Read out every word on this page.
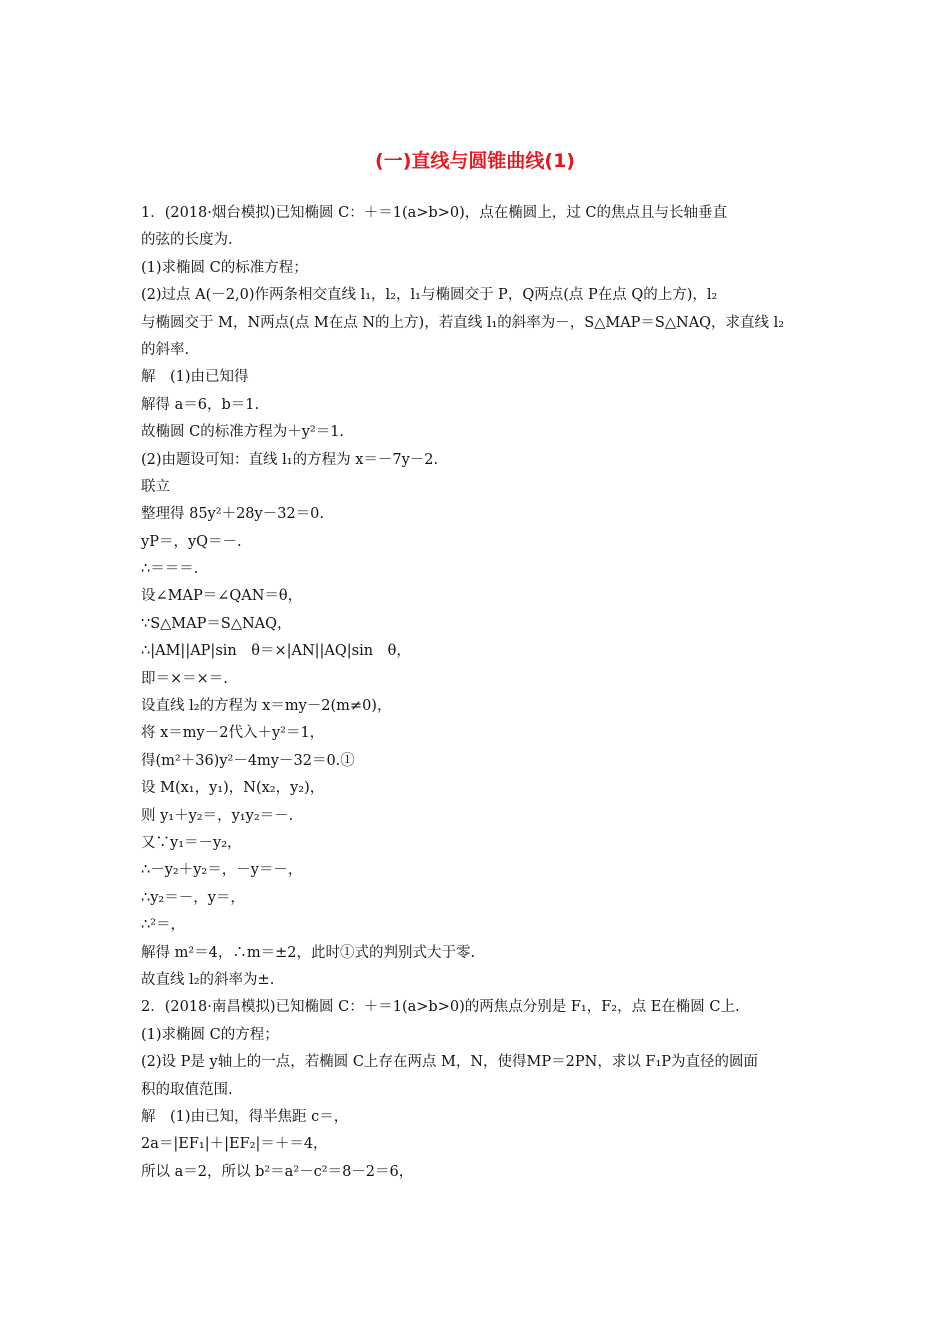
(一)直线与圆锥曲线(1)
1．(2018·烟台模拟)已知椭圆 C：＋＝1(a>b>0)，点在椭圆上，过 C的焦点且与长轴垂直
的弦的长度为.
(1)求椭圆 C的标准方程；
(2)过点 A(－2,0)作两条相交直线 l₁，l₂，l₁与椭圆交于 P，Q两点(点 P在点 Q的上方)，l₂
与椭圆交于 M，N两点(点 M在点 N的上方)，若直线 l₁的斜率为－，S△MAP＝S△NAQ，求直线 l₂
的斜率.
解　(1)由已知得
解得 a＝6，b＝1.
故椭圆 C的标准方程为＋y²＝1.
(2)由题设可知：直线 l₁的方程为 x＝－7y－2.
联立
整理得 85y²＋28y－32＝0.
yP＝，yQ＝－.
∴＝＝＝.
设∠MAP＝∠QAN＝θ，
∵S△MAP＝S△NAQ，
∴|AM||AP|sin　θ＝×|AN||AQ|sin　θ，
即＝×＝×＝.
设直线 l₂的方程为 x＝my－2(m≠0)，
将 x＝my－2代入＋y²＝1，
得(m²＋36)y²－4my－32＝0.①
设 M(x₁，y₁)，N(x₂，y₂)，
则 y₁＋y₂＝，y₁y₂＝－.
又∵y₁＝－y₂，
∴－y₂＋y₂＝，－y＝－，
∴y₂＝－，y＝，
∴²＝，
解得 m²＝4，∴m＝±2，此时①式的判别式大于零.
故直线 l₂的斜率为±.
2．(2018·南昌模拟)已知椭圆 C：＋＝1(a>b>0)的两焦点分别是 F₁，F₂，点 E在椭圆 C上.
(1)求椭圆 C的方程；
(2)设 P是 y轴上的一点，若椭圆 C上存在两点 M，N，使得MP＝2PN，求以 F₁P为直径的圆面
积的取值范围.
解　(1)由已知，得半焦距 c＝，
2a＝|EF₁|＋|EF₂|＝＋＝4，
所以 a＝2，所以 b²＝a²－c²＝8－2＝6，
